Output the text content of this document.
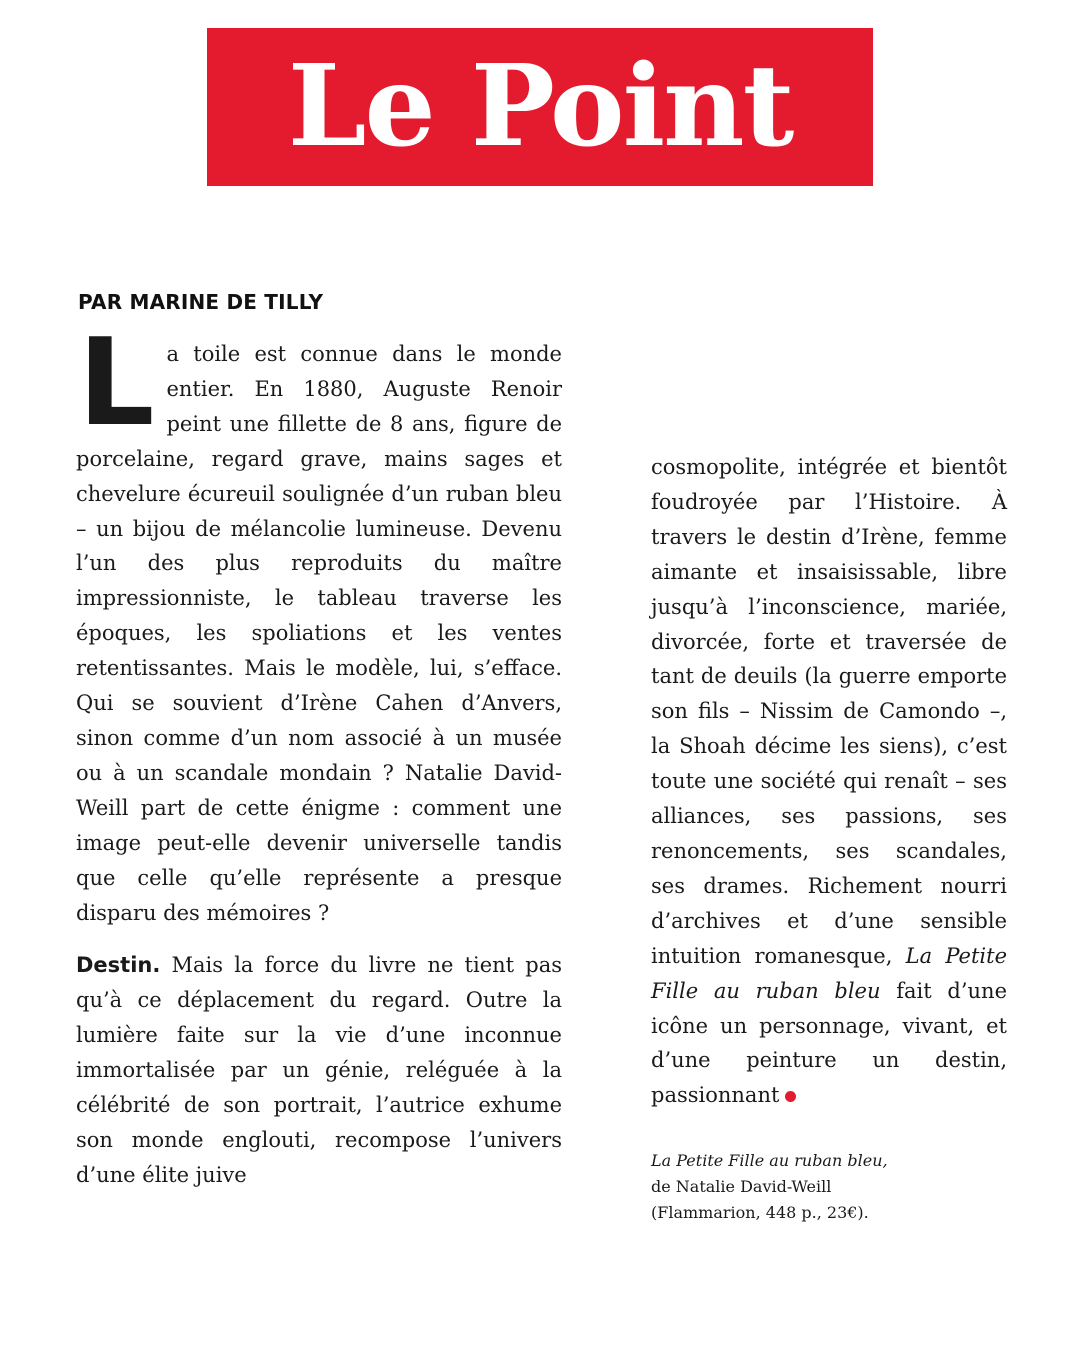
Le Point
PAR MARINE DE TILLY

La toile est connue dans le monde entier. En 1880, Auguste Renoir peint une fillette de 8 ans, figure de porcelaine, regard grave, mains sages et chevelure écureuil soulignée d’un ruban bleu – un bijou de mélancolie lumineuse. Devenu l’un des plus reproduits du maître impressionniste, le tableau traverse les époques, les spoliations et les ventes retentissantes. Mais le modèle, lui, s’efface. Qui se souvient d’Irène Cahen d’Anvers, sinon comme d’un nom associé à un musée ou à un scandale mondain ? Natalie David-Weill part de cette énigme : comment une image peut-elle devenir universelle tandis que celle qu’elle représente a presque disparu des mémoires ?

Destin. Mais la force du livre ne tient pas qu’à ce déplacement du regard. Outre la lumière faite sur la vie d’une inconnue immortalisée par un génie, reléguée à la célébrité de son portrait, l’autrice exhume son monde englouti, recompose l’univers d’une élite juive

cosmopolite, intégrée et bientôt foudroyée par l’Histoire. À travers le destin d’Irène, femme aimante et insaisissable, libre jusqu’à l’inconscience, mariée, divorcée, forte et traversée de tant de deuils (la guerre emporte son fils – Nissim de Camondo –, la Shoah décime les siens), c’est toute une société qui renaît – ses alliances, ses passions, ses renoncements, ses scandales, ses drames. Richement nourri d’archives et d’une sensible intuition romanesque, La Petite Fille au ruban bleu fait d’une icône un personnage, vivant, et d’une peinture un destin, passionnant

La Petite Fille au ruban bleu,
de Natalie David-Weill
(Flammarion, 448 p., 23€).
